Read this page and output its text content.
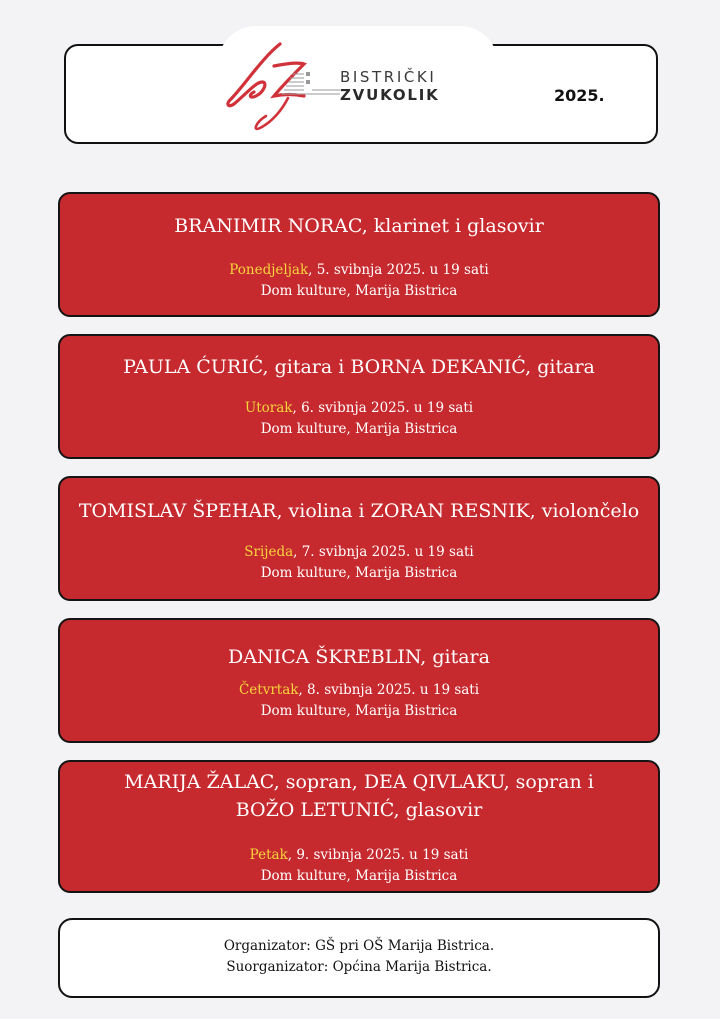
BISTRIČKI
ZVUKOLIK	2025.
BRANIMIR NORAC, klarinet i glasovir
Ponedjeljak, 5. svibnja 2025. u 19 sati
Dom kulture, Marija Bistrica
PAULA ĆURIĆ, gitara i BORNA DEKANIĆ, gitara
Utorak, 6. svibnja 2025. u 19 sati
Dom kulture, Marija Bistrica
TOMISLAV ŠPEHAR, violina i ZORAN RESNIK, violončelo
Srijeda, 7. svibnja 2025. u 19 sati
Dom kulture, Marija Bistrica
DANICA ŠKREBLIN, gitara
Četvrtak, 8. svibnja 2025. u 19 sati
Dom kulture, Marija Bistrica
MARIJA ŽALAC, sopran, DEA QIVLAKU, sopran i
BOŽO LETUNIĆ, glasovir
Petak, 9. svibnja 2025. u 19 sati
Dom kulture, Marija Bistrica
Organizator: GŠ pri OŠ Marija Bistrica.
Suorganizator: Općina Marija Bistrica.
